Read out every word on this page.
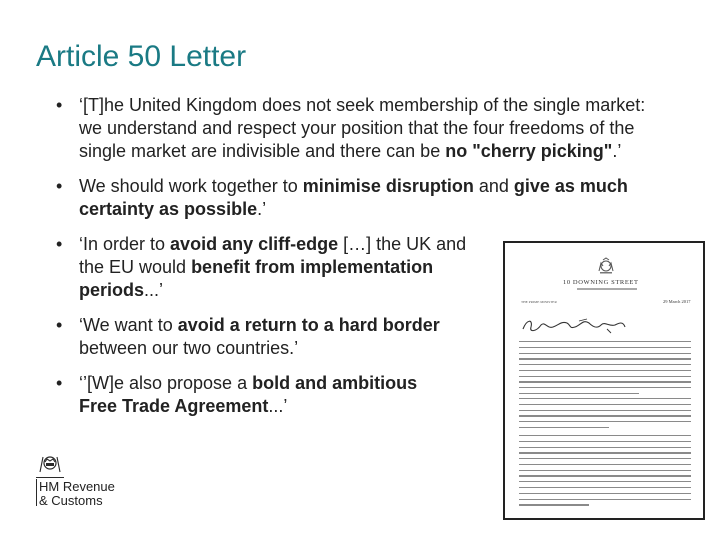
Article 50 Letter
• ‘[T]he United Kingdom does not seek membership of the single market: we understand and respect your position that the four freedoms of the single market are indivisible and there can be no "cherry picking".’
• We should work together to minimise disruption and give as much certainty as possible.’
• ‘In order to avoid any cliff-edge […] the UK and the EU would benefit from implementation periods...’
• ‘We want to avoid a return to a hard border between our two countries.’
• ‘’[W]e also propose a bold and ambitious Free Trade Agreement...’
10 DOWNING STREET
THE PRIME MINISTER	29 March 2017
HM Revenue
& Customs
